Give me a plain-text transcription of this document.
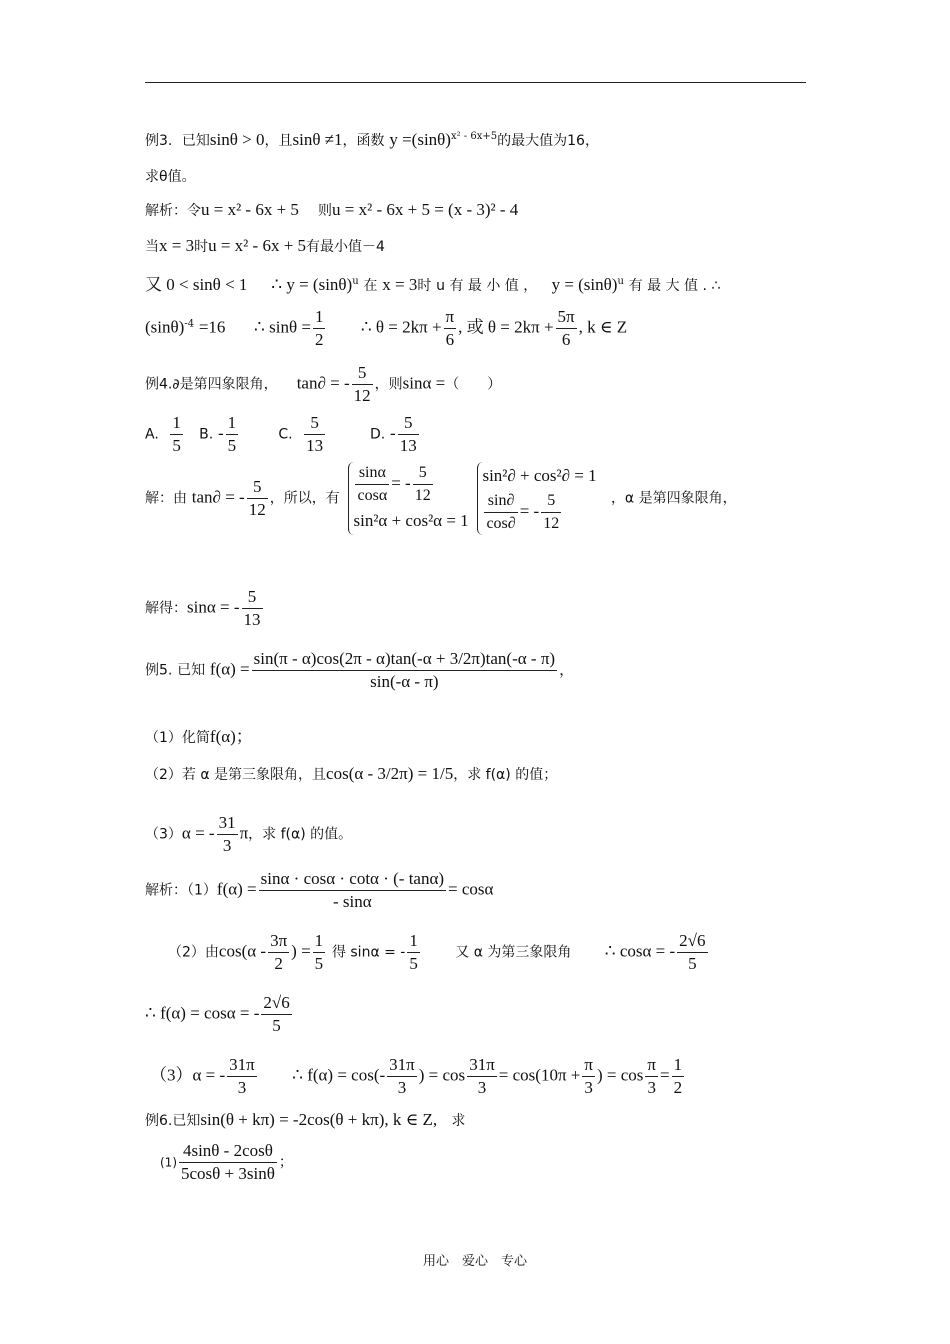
例3. 已知sinθ > 0，且sinθ ≠1，函数 $y =(\sin\theta)^{x^2 - 6x+5}$的最大值为16，
求θ值。
解析：令u = x² - 6x + 5 则u = x² - 6x + 5 = (x - 3)² - 4
当x = 3时u = x² - 6x + 5有最小值－4
又 0 < sinθ < 1 ∴ $y = (\sin\theta)^u$ 在 x = 3时 u 有 最 小 值 ， $y = (\sin\theta)^u$ 有 最 大 值 . ∴
$(\sin\theta)^{-4} =16$ ∴ $\sin\theta = \frac{1}{2}$ ∴ $\theta = 2k\pi + \frac{\pi}{6}$ , 或 $\theta = 2k\pi + \frac{5\pi}{6}$ , k ∈ Z
例4.∂是第四象限角， tan∂ = - $\frac{5}{12}$ ，则sinα =（　　）
A. $\frac{1}{5} B$. - $\frac{1}{5}$	C. $\frac{5}{13}$	D. - $\frac{5}{13}$
解：由 tan∂ = - $\frac{5}{12}$ ，所以，有 $\frac{\sin\alpha}{\cos\alpha}$ = - $\frac{5}{12}$
sin²α + cos²α = 1

sin²∂ + cos²∂ = 1
$\frac{\sin\partial}{\cos\partial}$ = - $\frac{5}{12}$	，α 是第四象限角，
解得：sinα = - $\frac{5}{13}$
例5. 已知 $f(\alpha) = \frac{\sin(\pi - \alpha)\cos(2\pi - \alpha)\tan(-\alpha + 3/2\pi)\tan(-\alpha - \pi)}{\sin(-\alpha - \pi)}$ ，
（1）化简f(α)；
（2）若 α 是第三象限角，且cos(α - 3/2π) = 1/5，求 f(α) 的值；
（3）α = - $\frac{31}{3}$ π，求 f(α) 的值。
解析：$(1)f(\alpha) = \frac{\sin\alpha \cdot \cos\alpha \cdot \cot\alpha \cdot (- \tan\alpha)}{- \sin\alpha} = \cos\alpha$
（2）由$\cos(\alpha - \frac{3\pi}{2}$ ) = $\frac{1}{5}$ 得 sinα = - $\frac{1}{5}$	又 α 为第三象限角 ∴ cosα = - $\frac{2√6}{5}$
∴ f(α) = cosα = - $\frac{2√6}{5}$
（3）α = - $\frac{31\pi}{3}$ ∴ $f(\alpha) = \cos(- \frac{31\pi}{3}$ ) = $\cos \frac{31\pi}{3} = \cos(10\pi + \frac{\pi}{3}$ ) = $\cos \frac{\pi}{3} = \frac{1}{2}$
例6.已知sin(θ + kπ) = -2cos(θ + kπ), k ∈ Z, 求
$(1) \frac{4\sin\theta - 2\cos\theta}{5\cos\theta + 3\sin\theta}$ ；
用心　爱心　专心
